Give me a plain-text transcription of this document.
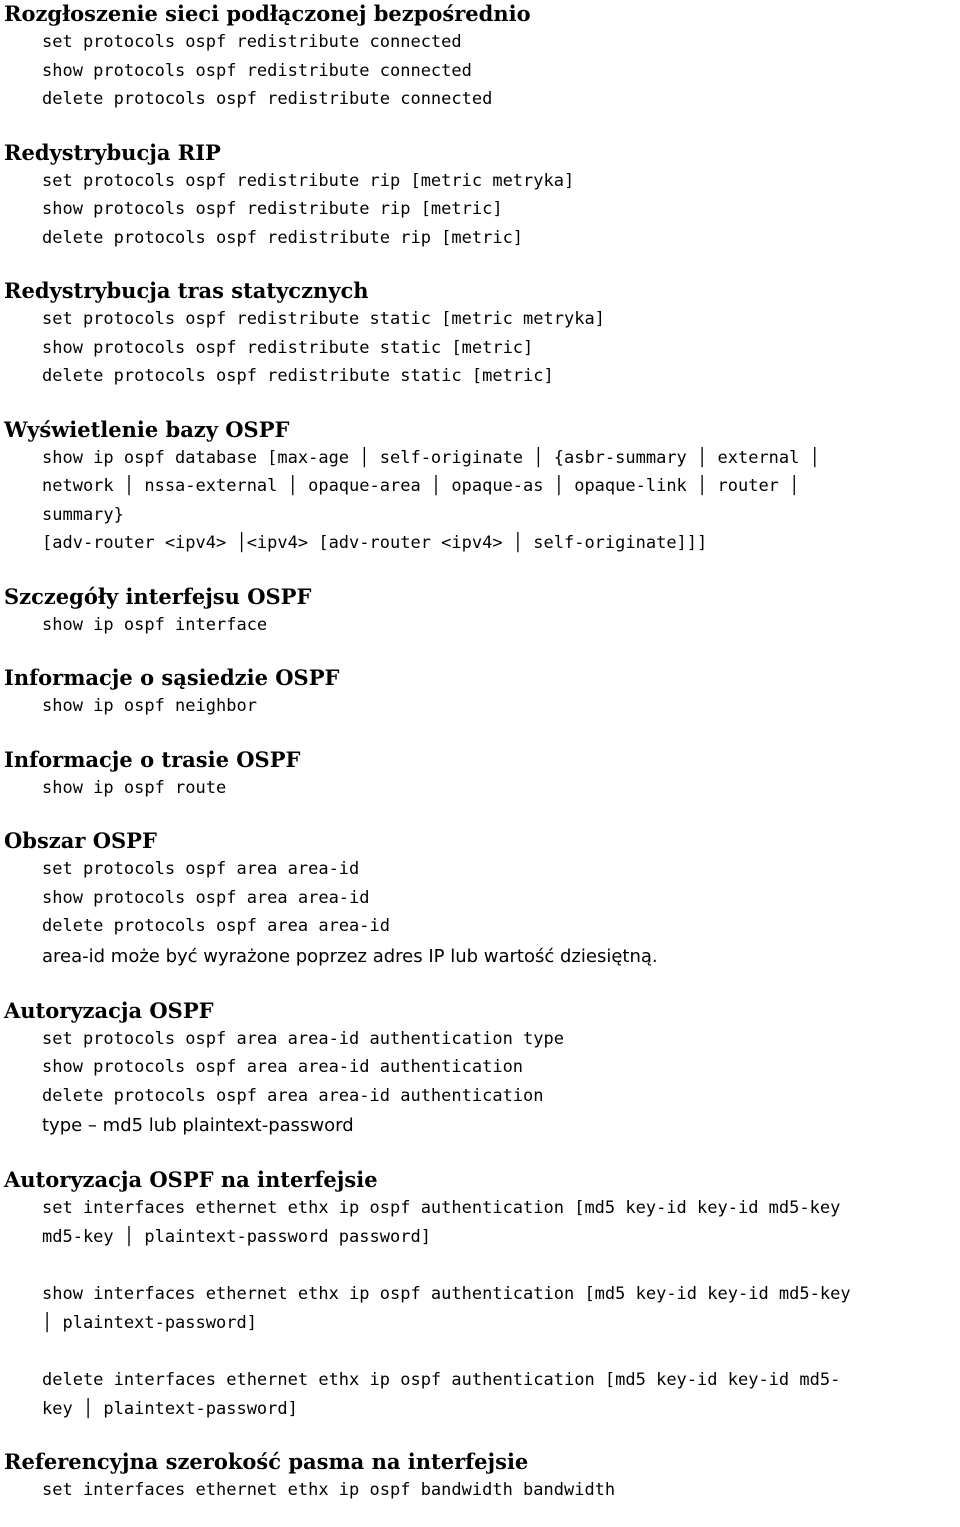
Rozgłoszenie sieci podłączonej bezpośrednio
set protocols ospf redistribute connected
show protocols ospf redistribute connected
delete protocols ospf redistribute connected
Redystrybucja RIP
set protocols ospf redistribute rip [metric metryka]
show protocols ospf redistribute rip [metric]
delete protocols ospf redistribute rip [metric]
Redystrybucja tras statycznych
set protocols ospf redistribute static [metric metryka]
show protocols ospf redistribute static [metric]
delete protocols ospf redistribute static [metric]
Wyświetlenie bazy OSPF
show ip ospf database [max-age │ self-originate │ {asbr-summary │ external │
network │ nssa-external │ opaque-area │ opaque-as │ opaque-link │ router │
summary}
[adv-router <ipv4> │<ipv4> [adv-router <ipv4> │ self-originate]]]
Szczegóły interfejsu OSPF
show ip ospf interface
Informacje o sąsiedzie OSPF
show ip ospf neighbor
Informacje o trasie OSPF
show ip ospf route
Obszar OSPF
set protocols ospf area area-id
show protocols ospf area area-id
delete protocols ospf area area-id
area-id może być wyrażone poprzez adres IP lub wartość dziesiętną.
Autoryzacja OSPF
set protocols ospf area area-id authentication type
show protocols ospf area area-id authentication
delete protocols ospf area area-id authentication
type – md5 lub plaintext-password
Autoryzacja OSPF na interfejsie
set interfaces ethernet ethx ip ospf authentication [md5 key-id key-id md5-key
md5-key │ plaintext-password password]
show interfaces ethernet ethx ip ospf authentication [md5 key-id key-id md5-key
│ plaintext-password]
delete interfaces ethernet ethx ip ospf authentication [md5 key-id key-id md5-
key │ plaintext-password]
Referencyjna szerokość pasma na interfejsie
set interfaces ethernet ethx ip ospf bandwidth bandwidth
